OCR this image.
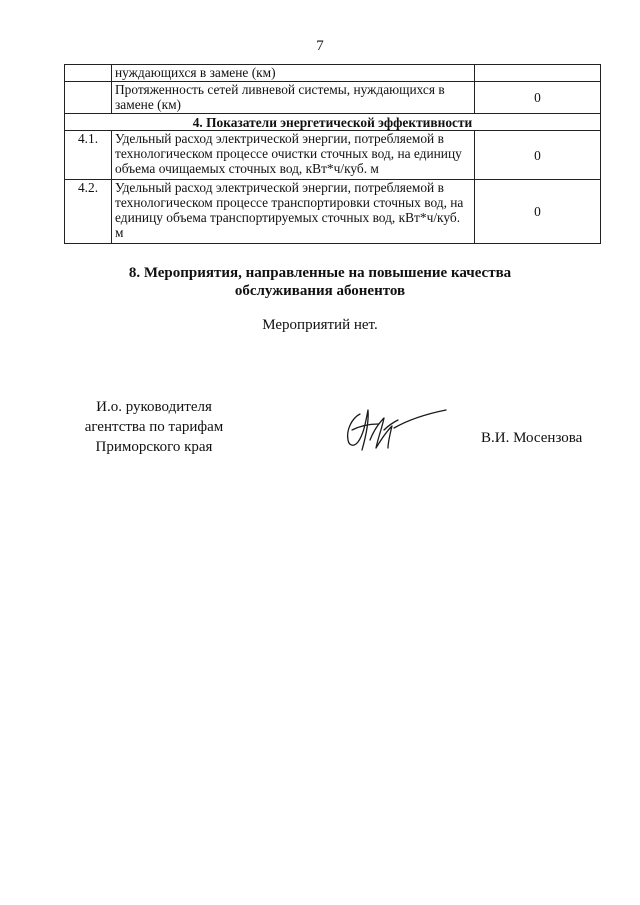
7
	нуждающихся в замене (км)	
	Протяженность сетей ливневой системы, нуждающихся в замене (км)	0
4. Показатели энергетической эффективности		
4.1.	Удельный расход электрической энергии, потребляемой в технологическом процессе очистки сточных вод, на единицу объема очищаемых сточных вод, кВт*ч/куб. м	0
4.2.	Удельный расход электрической энергии, потребляемой в технологическом процессе транспортировки сточных вод, на единицу объема транспортируемых сточных вод, кВт*ч/куб. м	0
8. Мероприятия, направленные на повышение качества
обслуживания абонентов
Мероприятий нет.
И.о. руководителя
агентства по тарифам
Приморского края
В.И. Мосензова
